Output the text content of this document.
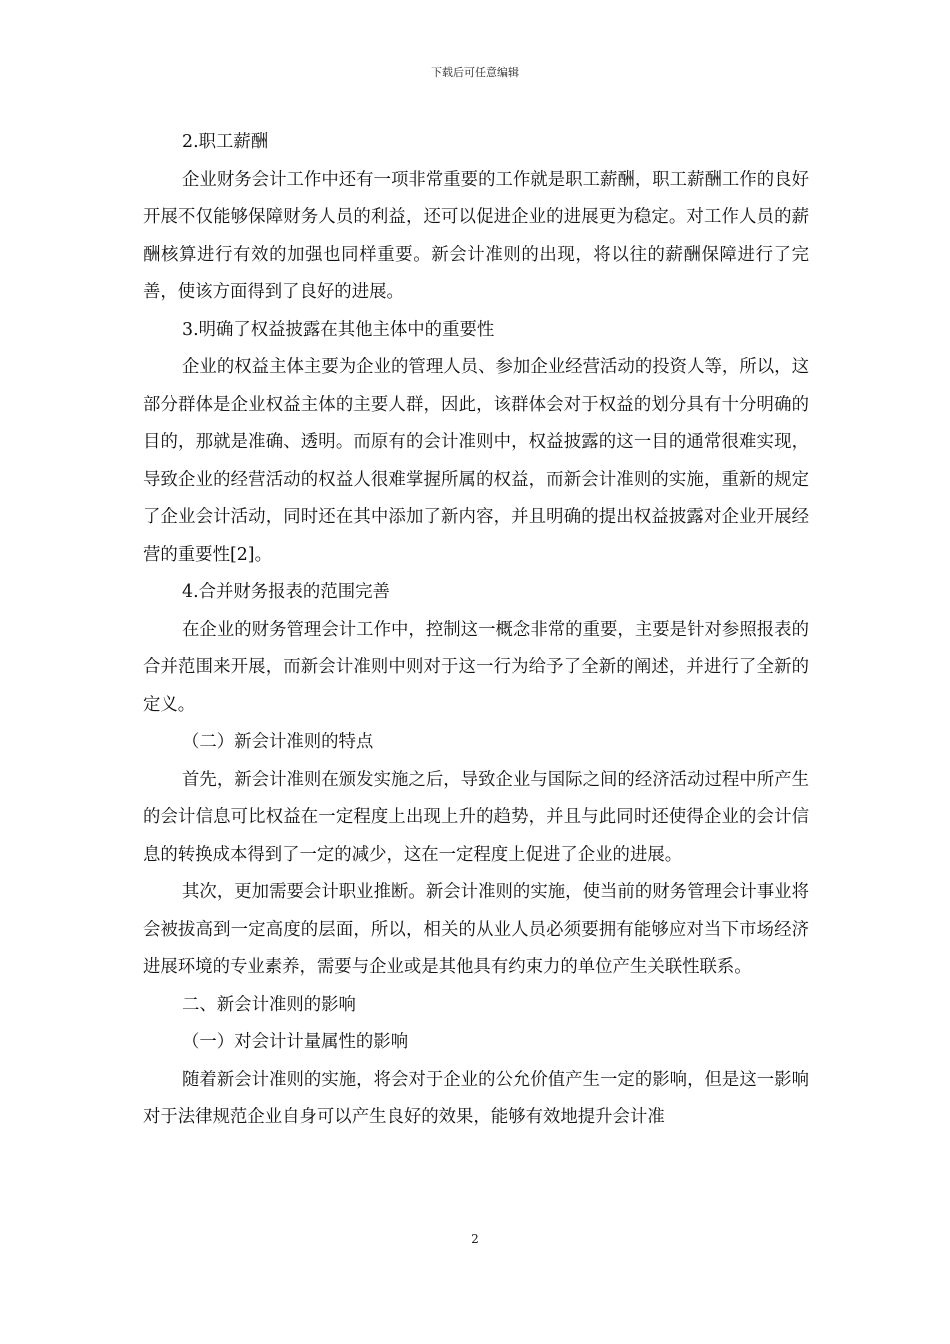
下载后可任意编辑

2.职工薪酬

企业财务会计工作中还有一项非常重要的工作就是职工薪酬，职工薪酬工作的良好开展不仅能够保障财务人员的利益，还可以促进企业的进展更为稳定。对工作人员的薪酬核算进行有效的加强也同样重要。新会计准则的出现，将以往的薪酬保障进行了完善，使该方面得到了良好的进展。

3.明确了权益披露在其他主体中的重要性

企业的权益主体主要为企业的管理人员、参加企业经营活动的投资人等，所以，这部分群体是企业权益主体的主要人群，因此，该群体会对于权益的划分具有十分明确的目的，那就是准确、透明。而原有的会计准则中，权益披露的这一目的通常很难实现，导致企业的经营活动的权益人很难掌握所属的权益，而新会计准则的实施，重新的规定了企业会计活动，同时还在其中添加了新内容，并且明确的提出权益披露对企业开展经营的重要性[2]。

4.合并财务报表的范围完善

在企业的财务管理会计工作中，控制这一概念非常的重要，主要是针对参照报表的合并范围来开展，而新会计准则中则对于这一行为给予了全新的阐述，并进行了全新的定义。

（二）新会计准则的特点

首先，新会计准则在颁发实施之后，导致企业与国际之间的经济活动过程中所产生的会计信息可比权益在一定程度上出现上升的趋势，并且与此同时还使得企业的会计信息的转换成本得到了一定的减少，这在一定程度上促进了企业的进展。

其次，更加需要会计职业推断。新会计准则的实施，使当前的财务管理会计事业将会被拔高到一定高度的层面，所以，相关的从业人员必须要拥有能够应对当下市场经济进展环境的专业素养，需要与企业或是其他具有约束力的单位产生关联性联系。

二、新会计准则的影响

（一）对会计计量属性的影响

随着新会计准则的实施，将会对于企业的公允价值产生一定的影响，但是这一影响对于法律规范企业自身可以产生良好的效果，能够有效地提升会计准

2
